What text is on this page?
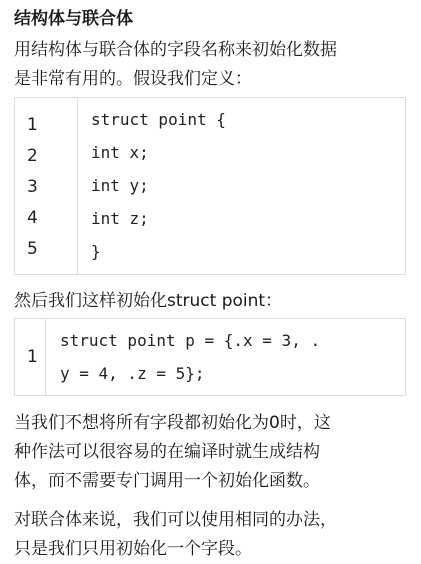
结构体与联合体
用结构体与联合体的字段名称来初始化数据
是非常有用的。假设我们定义：
1
2
3
4
5
struct point {
int x;
int y;
int z;
}
然后我们这样初始化struct point：
1
struct point p = {.x = 3, .
y = 4, .z = 5};
当我们不想将所有字段都初始化为0时，这
种作法可以很容易的在编译时就生成结构
体，而不需要专门调用一个初始化函数。
对联合体来说，我们可以使用相同的办法，
只是我们只用初始化一个字段。
